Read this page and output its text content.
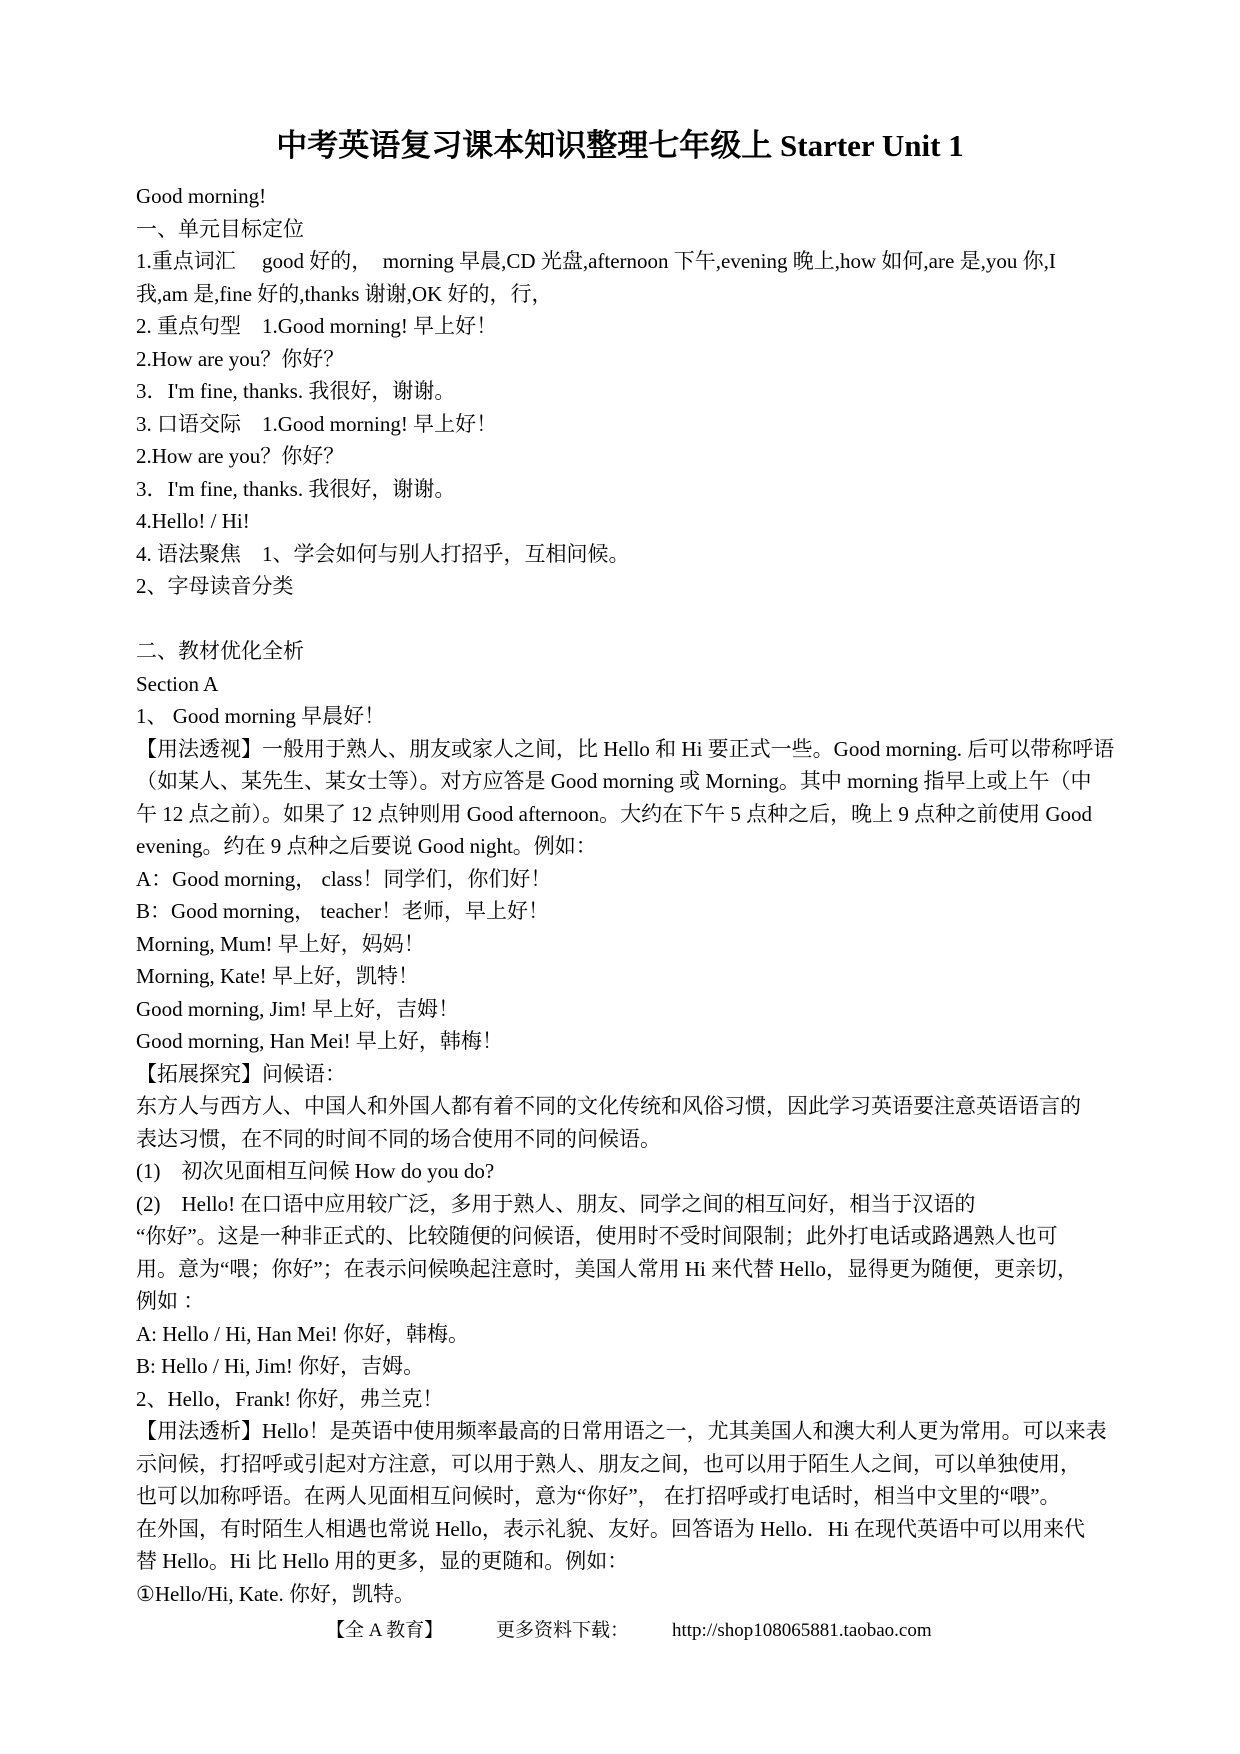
中考英语复习课本知识整理七年级上 Starter Unit 1
Good morning!
一、单元目标定位
1.重点词汇　 good 好的，  morning 早晨,CD 光盘,afternoon 下午,evening 晚上,how 如何,are 是,you 你,I
我,am 是,fine 好的,thanks 谢谢,OK 好的，行，
2. 重点句型　1.Good morning! 早上好！
2.How are you？你好？
3．I'm fine, thanks. 我很好，谢谢。
3. 口语交际　1.Good morning! 早上好！
2.How are you？你好？
3．I'm fine, thanks. 我很好，谢谢。
4.Hello! / Hi!
4. 语法聚焦　1、学会如何与别人打招乎，互相问候。
2、字母读音分类
二、教材优化全析
Section A
1、 Good morning 早晨好！
【用法透视】一般用于熟人、朋友或家人之间，比 Hello 和 Hi 要正式一些。Good morning. 后可以带称呼语
（如某人、某先生、某女士等）。对方应答是 Good morning 或 Morning。其中 morning 指早上或上午（中
午 12 点之前）。如果了 12 点钟则用 Good afternoon。大约在下午 5 点种之后，晚上 9 点种之前使用 Good
evening。约在 9 点种之后要说 Good night。例如：
A：Good morning， class！同学们，你们好！
B：Good morning， teacher！老师，早上好！
Morning, Mum! 早上好，妈妈！
Morning, Kate! 早上好，凯特！
Good morning, Jim! 早上好，吉姆！
Good morning, Han Mei! 早上好，韩梅！
【拓展探究】问候语：
东方人与西方人、中国人和外国人都有着不同的文化传统和风俗习惯，因此学习英语要注意英语语言的
表达习惯，在不同的时间不同的场合使用不同的问候语。
(1)　初次见面相互问候 How do you do?
(2)　Hello! 在口语中应用较广泛，多用于熟人、朋友、同学之间的相互问好，相当于汉语的
“你好”。这是一种非正式的、比较随便的问候语，使用时不受时间限制；此外打电话或路遇熟人也可
用。意为“喂；你好”；在表示问候唤起注意时，美国人常用 Hi 来代替 Hello，显得更为随便，更亲切，
例如 ：
A: Hello / Hi, Han Mei! 你好，韩梅。
B: Hello / Hi, Jim! 你好，吉姆。
2、Hello，Frank! 你好，弗兰克！
【用法透析】Hello！是英语中使用频率最高的日常用语之一，尤其美国人和澳大利人更为常用。可以来表
示问候，打招呼或引起对方注意，可以用于熟人、朋友之间，也可以用于陌生人之间，可以单独使用，
也可以加称呼语。在两人见面相互问候时，意为“你好”， 在打招呼或打电话时，相当中文里的“喂”。
在外国，有时陌生人相遇也常说 Hello，表示礼貌、友好。回答语为 Hello．Hi 在现代英语中可以用来代
替 Hello。Hi 比 Hello 用的更多，显的更随和。例如：
①Hello/Hi, Kate. 你好，凯特。
【全 A 教育】	更多资料下载： http://shop108065881.taobao.com
